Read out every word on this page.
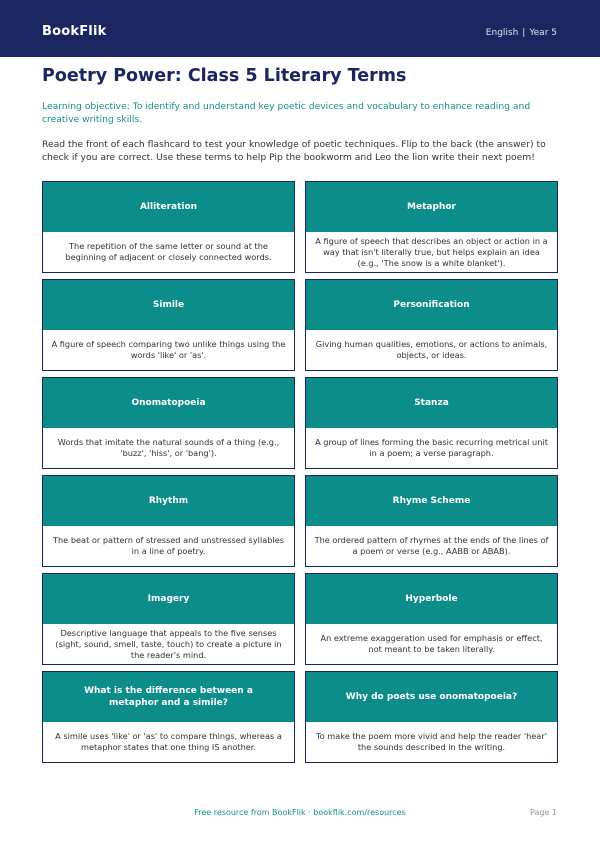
BookFlik	English | Year 5
Poetry Power: Class 5 Literary Terms

Learning objective: To identify and understand key poetic devices and vocabulary to enhance reading and creative writing skills.

Read the front of each flashcard to test your knowledge of poetic techniques. Flip to the back (the answer) to check if you are correct. Use these terms to help Pip the bookworm and Leo the lion write their next poem!

Alliteration
The repetition of the same letter or sound at the beginning of adjacent or closely connected words.
Metaphor
A figure of speech that describes an object or action in a way that isn't literally true, but helps explain an idea (e.g., 'The snow is a white blanket').
Simile
A figure of speech comparing two unlike things using the words 'like' or 'as'.
Personification
Giving human qualities, emotions, or actions to animals, objects, or ideas.
Onomatopoeia
Words that imitate the natural sounds of a thing (e.g., 'buzz', 'hiss', or 'bang').
Stanza
A group of lines forming the basic recurring metrical unit in a poem; a verse paragraph.
Rhythm
The beat or pattern of stressed and unstressed syllables in a line of poetry.
Rhyme Scheme
The ordered pattern of rhymes at the ends of the lines of a poem or verse (e.g., AABB or ABAB).
Imagery
Descriptive language that appeals to the five senses (sight, sound, smell, taste, touch) to create a picture in the reader's mind.
Hyperbole
An extreme exaggeration used for emphasis or effect, not meant to be taken literally.
What is the difference between a metaphor and a simile?
A simile uses 'like' or 'as' to compare things, whereas a metaphor states that one thing IS another.
Why do poets use onomatopoeia?
To make the poem more vivid and help the reader 'hear' the sounds described in the writing.
Free resource from BookFlik · bookflik.com/resources	Page 1
